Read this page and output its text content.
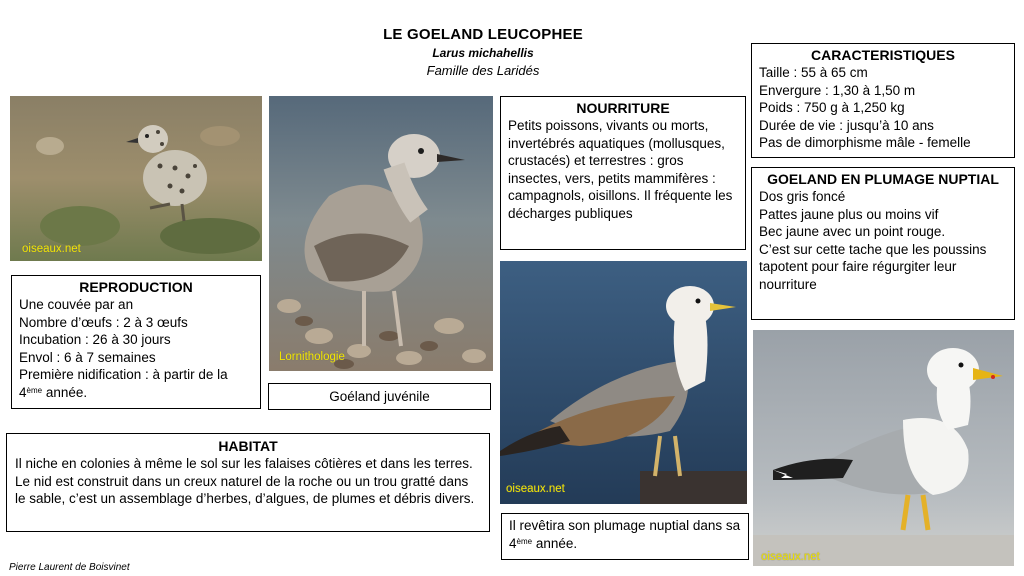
LE GOELAND LEUCOPHEE
Larus michahellis
Famille des Laridés
oiseaux.net
Lornithologie
oiseaux.net
oiseaux.net
REPRODUCTION

Une couvée par an

Nombre d’œufs : 2 à 3 œufs

Incubation : 26 à 30 jours

Envol : 6 à 7 semaines

Première nidification : à partir de la

4ème année.	Goéland juvénile
HABITAT

Il niche en colonies à même le sol sur les falaises côtières et dans les terres. Le nid est construit dans un creux naturel de la roche ou un trou gratté dans le sable, c’est un assemblage d’herbes, d’algues, de plumes et débris divers.

NOURRITURE

Petits poissons, vivants ou morts, invertébrés aquatiques (mollusques, crustacés) et terrestres : gros insectes, vers, petits mammifères : campagnols, oisillons. Il fréquente les décharges publiques

Il revêtira son plumage nuptial dans sa 4ème année.

CARACTERISTIQUES

Taille : 55 à 65 cm

Envergure : 1,30 à 1,50 m

Poids : 750 g à 1,250 kg

Durée de vie : jusqu’à 10 ans

Pas de dimorphisme mâle - femelle

GOELAND EN PLUMAGE NUPTIAL

Dos gris foncé

Pattes jaune plus ou moins vif

Bec jaune avec un point rouge.

C’est sur cette tache que les poussins tapotent pour faire régurgiter leur nourriture

Pierre Laurent de Boisvinet
